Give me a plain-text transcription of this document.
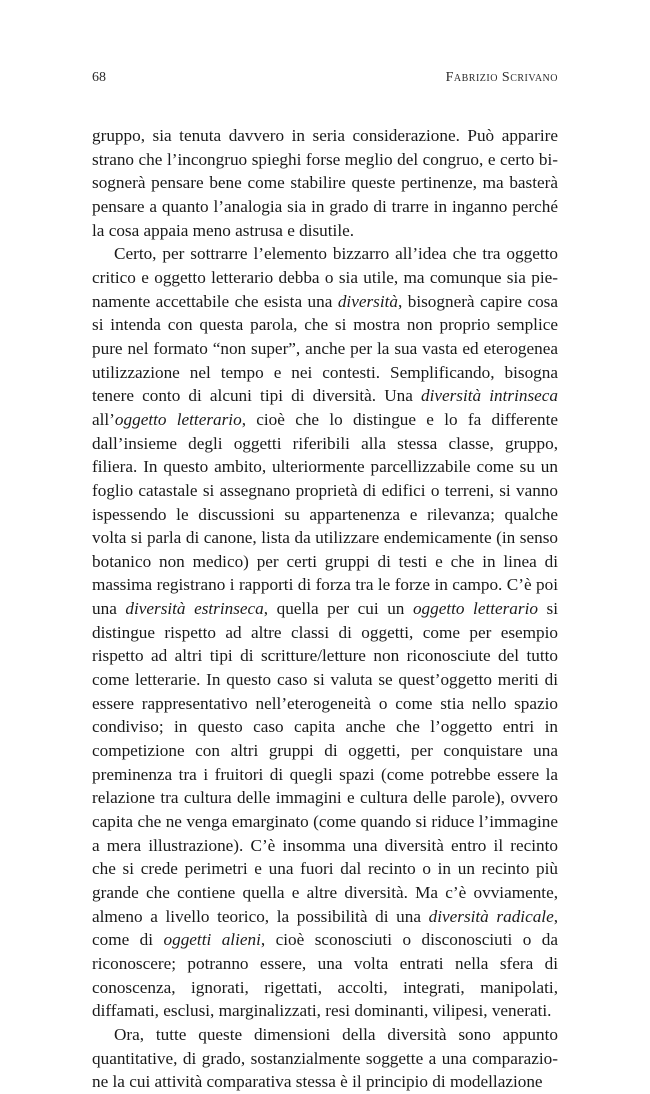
68	Fabrizio Scrivano

gruppo, sia tenuta davvero in seria considerazione. Può apparire strano che l’incongruo spieghi forse meglio del congruo, e certo bisognerà pensare bene come stabilire queste pertinenze, ma basterà pensare a quanto l’analogia sia in grado di trarre in inganno perché la cosa appaia meno astrusa e disutile.

Certo, per sottrarre l’elemento bizzarro all’idea che tra oggetto critico e oggetto letterario debba o sia utile, ma comunque sia pienamente accettabile che esista una diversità, bisognerà capire cosa si intenda con questa parola, che si mostra non proprio semplice pure nel formato “non super”, anche per la sua vasta ed eterogenea utilizzazione nel tempo e nei contesti. Semplificando, bisogna tenere conto di alcuni tipi di diversità. Una diversità intrinseca all’oggetto letterario, cioè che lo distingue e lo fa differente dall’insieme degli oggetti riferibili alla stessa classe, gruppo, filiera. In questo ambito, ulteriormente parcellizzabile come su un foglio catastale si assegnano proprietà di edifici o terreni, si vanno ispessendo le discussioni su appartenenza e rilevanza; qualche volta si parla di canone, lista da utilizzare endemicamente (in senso botanico non medico) per certi gruppi di testi e che in linea di massima registrano i rapporti di forza tra le forze in campo. C’è poi una diversità estrinseca, quella per cui un oggetto letterario si distingue rispetto ad altre classi di oggetti, come per esempio rispetto ad altri tipi di scritture/letture non riconosciute del tutto come letterarie. In questo caso si valuta se quest’oggetto meriti di essere rappresentativo nell’eterogeneità o come stia nello spazio condiviso; in questo caso capita anche che l’oggetto entri in competizione con altri gruppi di oggetti, per conquistare una preminenza tra i fruitori di quegli spazi (come potrebbe essere la relazione tra cultura delle immagini e cultura delle parole), ovvero capita che ne venga emarginato (come quando si riduce l’immagine a mera illustrazione). C’è insomma una diversità entro il recinto che si crede perimetri e una fuori dal recinto o in un recinto più grande che contiene quella e altre diversità. Ma c’è ovviamente, almeno a livello teorico, la possibilità di una diversità radicale, come di oggetti alieni, cioè sconosciuti o disconosciuti o da riconoscere; potranno essere, una volta entrati nella sfera di conoscenza, ignorati, rigettati, accolti, integrati, manipolati, diffamati, esclusi, marginalizzati, resi dominanti, vilipesi, venerati.

Ora, tutte queste dimensioni della diversità sono appunto quantitative, di grado, sostanzialmente soggette a una comparazione la cui attività comparativa stessa è il principio di modellazione
